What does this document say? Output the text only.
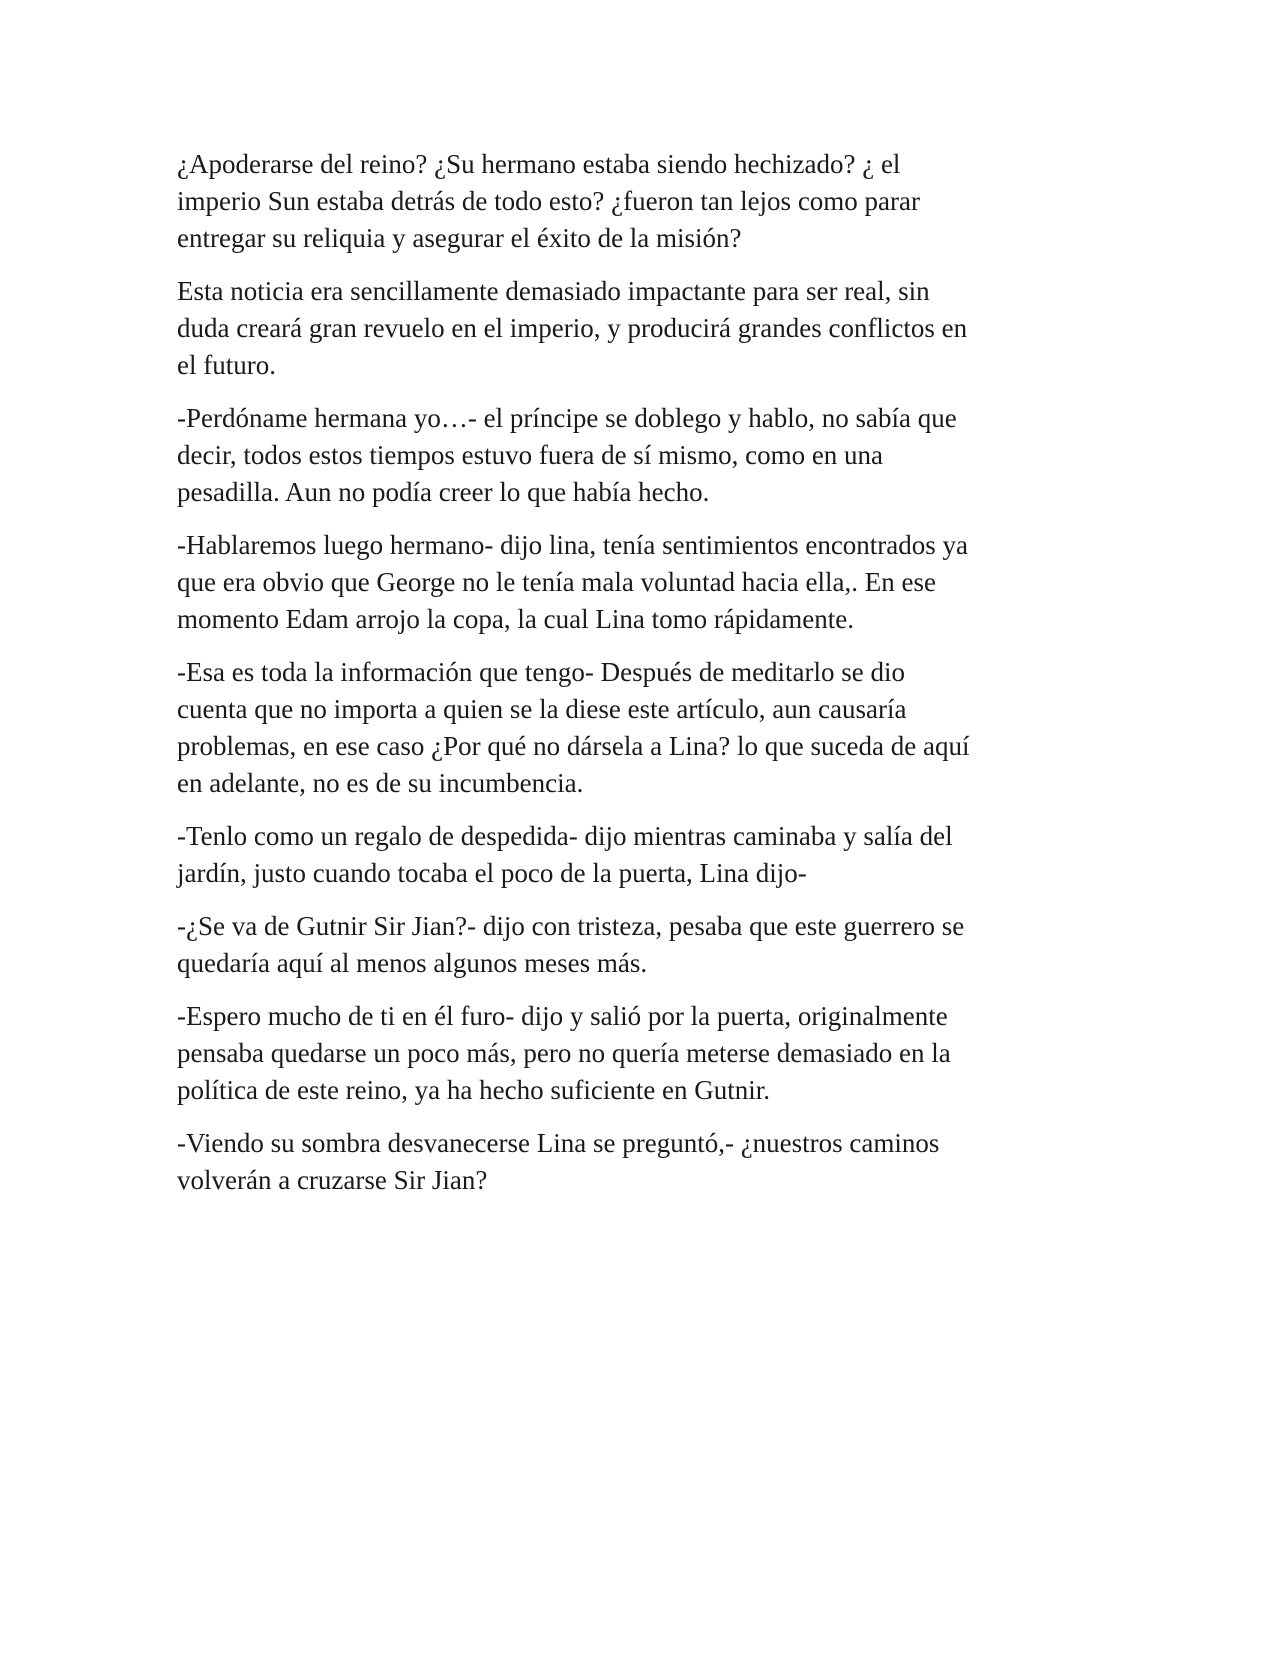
¿Apoderarse del reino? ¿Su hermano estaba siendo hechizado? ¿ el
imperio Sun estaba detrás de todo esto? ¿fueron tan lejos como parar
entregar su reliquia y asegurar el éxito de la misión?

Esta noticia era sencillamente demasiado impactante para ser real, sin
duda creará gran revuelo en el imperio, y producirá grandes conflictos en
el futuro.

-Perdóname hermana yo…- el príncipe se doblego y hablo, no sabía que
decir, todos estos tiempos estuvo fuera de sí mismo, como en una
pesadilla. Aun no podía creer lo que había hecho.

-Hablaremos luego hermano- dijo lina, tenía sentimientos encontrados ya
que era obvio que George no le tenía mala voluntad hacia ella,. En ese
momento Edam arrojo la copa, la cual Lina tomo rápidamente.

-Esa es toda la información que tengo- Después de meditarlo se dio
cuenta que no importa a quien se la diese este artículo, aun causaría
problemas, en ese caso ¿Por qué no dársela a Lina? lo que suceda de aquí
en adelante, no es de su incumbencia.

-Tenlo como un regalo de despedida- dijo mientras caminaba y salía del
jardín, justo cuando tocaba el poco de la puerta, Lina dijo-

-¿Se va de Gutnir Sir Jian?- dijo con tristeza, pesaba que este guerrero se
quedaría aquí al menos algunos meses más.

-Espero mucho de ti en él furo- dijo y salió por la puerta, originalmente
pensaba quedarse un poco más, pero no quería meterse demasiado en la
política de este reino, ya ha hecho suficiente en Gutnir.

-Viendo su sombra desvanecerse Lina se preguntó,- ¿nuestros caminos
volverán a cruzarse Sir Jian?
